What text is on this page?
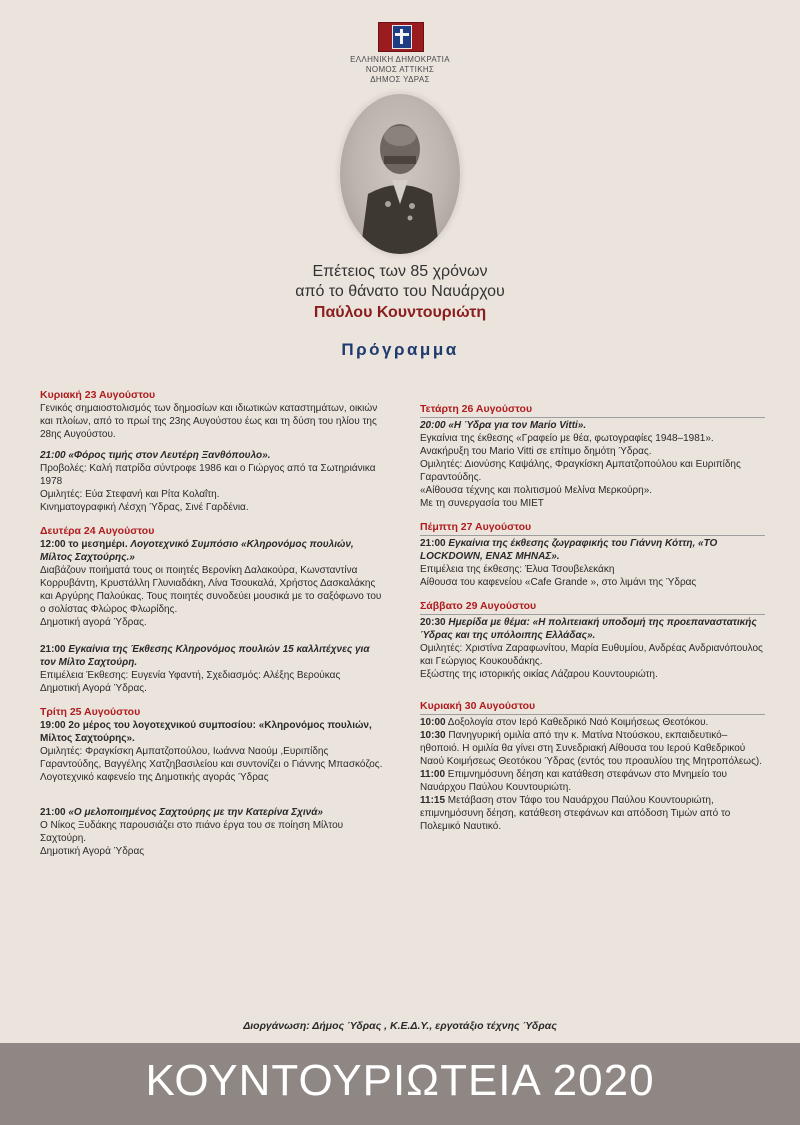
ΕΛΛΗΝΙΚΗ ΔΗΜΟΚΡΑΤΙΑ
ΝΟΜΟΣ ΑΤΤΙΚΗΣ
ΔΗΜΟΣ ΥΔΡΑΣ
Επέτειος των 85 χρόνων
από το θάνατο του Ναυάρχου
Παύλου Κουντουριώτη
Πρόγραμμα
Κυριακή 23 Αυγούστου
Γενικός σημαιοστολισμός των δημοσίων και ιδιωτικών καταστημάτων, οικιών και πλοίων, από το πρωί της 23ης Αυγούστου έως και τη δύση του ηλίου της 28ης Αυγούστου.
21:00 «Φόρος τιμής στον Λευτέρη Ξανθόπουλο».
Προβολές: Καλή πατρίδα σύντροφε 1986 και ο Γιώργος από τα Σωτηριάνικα 1978
Ομιλητές: Εύα Στεφανή και Ρίτα Κολαΐτη.
Κινηματογραφική Λέσχη Ύδρας, Σινέ Γαρδένια.
Δευτέρα 24 Αυγούστου
12:00 το μεσημέρι. Λογοτεχνικό Συμπόσιο «Κληρονόμος πουλιών, Μίλτος Σαχτούρης.»
Διαβάζουν ποιήματά τους οι ποιητές Βερονίκη Δαλακούρα, Κωνσταντίνα Κορρυβάντη, Κρυστάλλη Γλυνιαδάκη, Λίνα Τσουκαλά, Χρήστος Δασκαλάκης και Αργύρης Παλούκας. Τους ποιητές συνοδεύει μουσικά με το σαξόφωνο του ο σολίστας Φλώρος Φλωρίδης.
Δημοτική αγορά Ύδρας.
21:00 Εγκαίνια της Έκθεσης Κληρονόμος πουλιών 15 καλλιτέχνες για τον Μίλτο Σαχτούρη.
Επιμέλεια Έκθεσης: Ευγενία Υφαντή, Σχεδιασμός: Αλέξης Βερούκας
Δημοτική Αγορά Ύδρας.
Τρίτη 25 Αυγούστου
19:00 2ο μέρος του λογοτεχνικού συμποσίου: «Κληρονόμος πουλιών, Μίλτος Σαχτούρης».
Ομιλητές: Φραγκίσκη Αμπατζοπούλου, Ιωάννα Ναούμ ,Ευριπίδης Γαραντούδης, Βαγγέλης Χατζηβασιλείου και συντονίζει ο Γιάννης Μπασκόζος.
Λογοτεχνικό καφενείο της Δημοτικής αγοράς Ύδρας
21:00 «Ο μελοποιημένος Σαχτούρης με την Κατερίνα Σχινά»
Ο Νίκος Ξυδάκης παρουσιάζει στο πιάνο έργα του σε ποίηση Μίλτου Σαχτούρη.
Δημοτική Αγορά Ύδρας
Τετάρτη 26 Αυγούστου
20:00 «Η Ύδρα για τον Mario Vitti».
Εγκαίνια της έκθεσης «Γραφείο με θέα, φωτογραφίες 1948–1981».
Ανακήρυξη του Mario Vitti σε επίτιμο δημότη Ύδρας.
Ομιλητές: Διονύσης Καψάλης, Φραγκίσκη Αμπατζοπούλου και Ευριπίδης Γαραντούδης.
«Αίθουσα τέχνης και πολιτισμού Μελίνα Μερκούρη».
Με τη συνεργασία του ΜΙΕΤ
Πέμπτη 27 Αυγούστου
21:00 Εγκαίνια της έκθεσης ζωγραφικής του Γιάννη Κόττη, «ΤΟ LOCKDOWN, ΕΝΑΣ ΜΗΝΑΣ».
Επιμέλεια της έκθεσης: Έλυα Τσουβελεκάκη
Αίθουσα του καφενείου «Cafe Grande », στο λιμάνι της Ύδρας
Σάββατο 29 Αυγούστου
20:30 Ημερίδα με θέμα: «Η πολιτειακή υποδομή της προεπαναστατικής Ύδρας και της υπόλοιπης Ελλάδας».
Ομιλητές: Χριστίνα Ζαραφωνίτου, Μαρία Ευθυμίου, Ανδρέας Ανδριανόπουλος και Γεώργιος Κουκουδάκης.
Εξώστης της ιστορικής οικίας Λάζαρου Κουντουριώτη.
Κυριακή 30 Αυγούστου
10:00 Δοξολογία στον Ιερό Καθεδρικό Ναό Κοιμήσεως Θεοτόκου.
10:30 Πανηγυρική ομιλία από την κ. Ματίνα Ντούσκου, εκπαιδευτικό–ηθοποιό. Η ομιλία θα γίνει στη Συνεδριακή Αίθουσα του Ιερού Καθεδρικού Ναού Κοιμήσεως Θεοτόκου Ύδρας (εντός του προαυλίου της Μητροπόλεως).
11:00 Επιμνημόσυνη δέηση και κατάθεση στεφάνων στο Μνημείο του Ναυάρχου Παύλου Κουντουριώτη.
11:15 Μετάβαση στον Τάφο του Ναυάρχου Παύλου Κουντουριώτη, επιμνημόσυνη δέηση, κατάθεση στεφάνων και απόδοση Τιμών από το Πολεμικό Ναυτικό.
Διοργάνωση: Δήμος Ύδρας , Κ.Ε.Δ.Υ., εργοτάξιο τέχνης Ύδρας
ΚΟΥΝΤΟΥΡΙΩΤΕΙΑ 2020
